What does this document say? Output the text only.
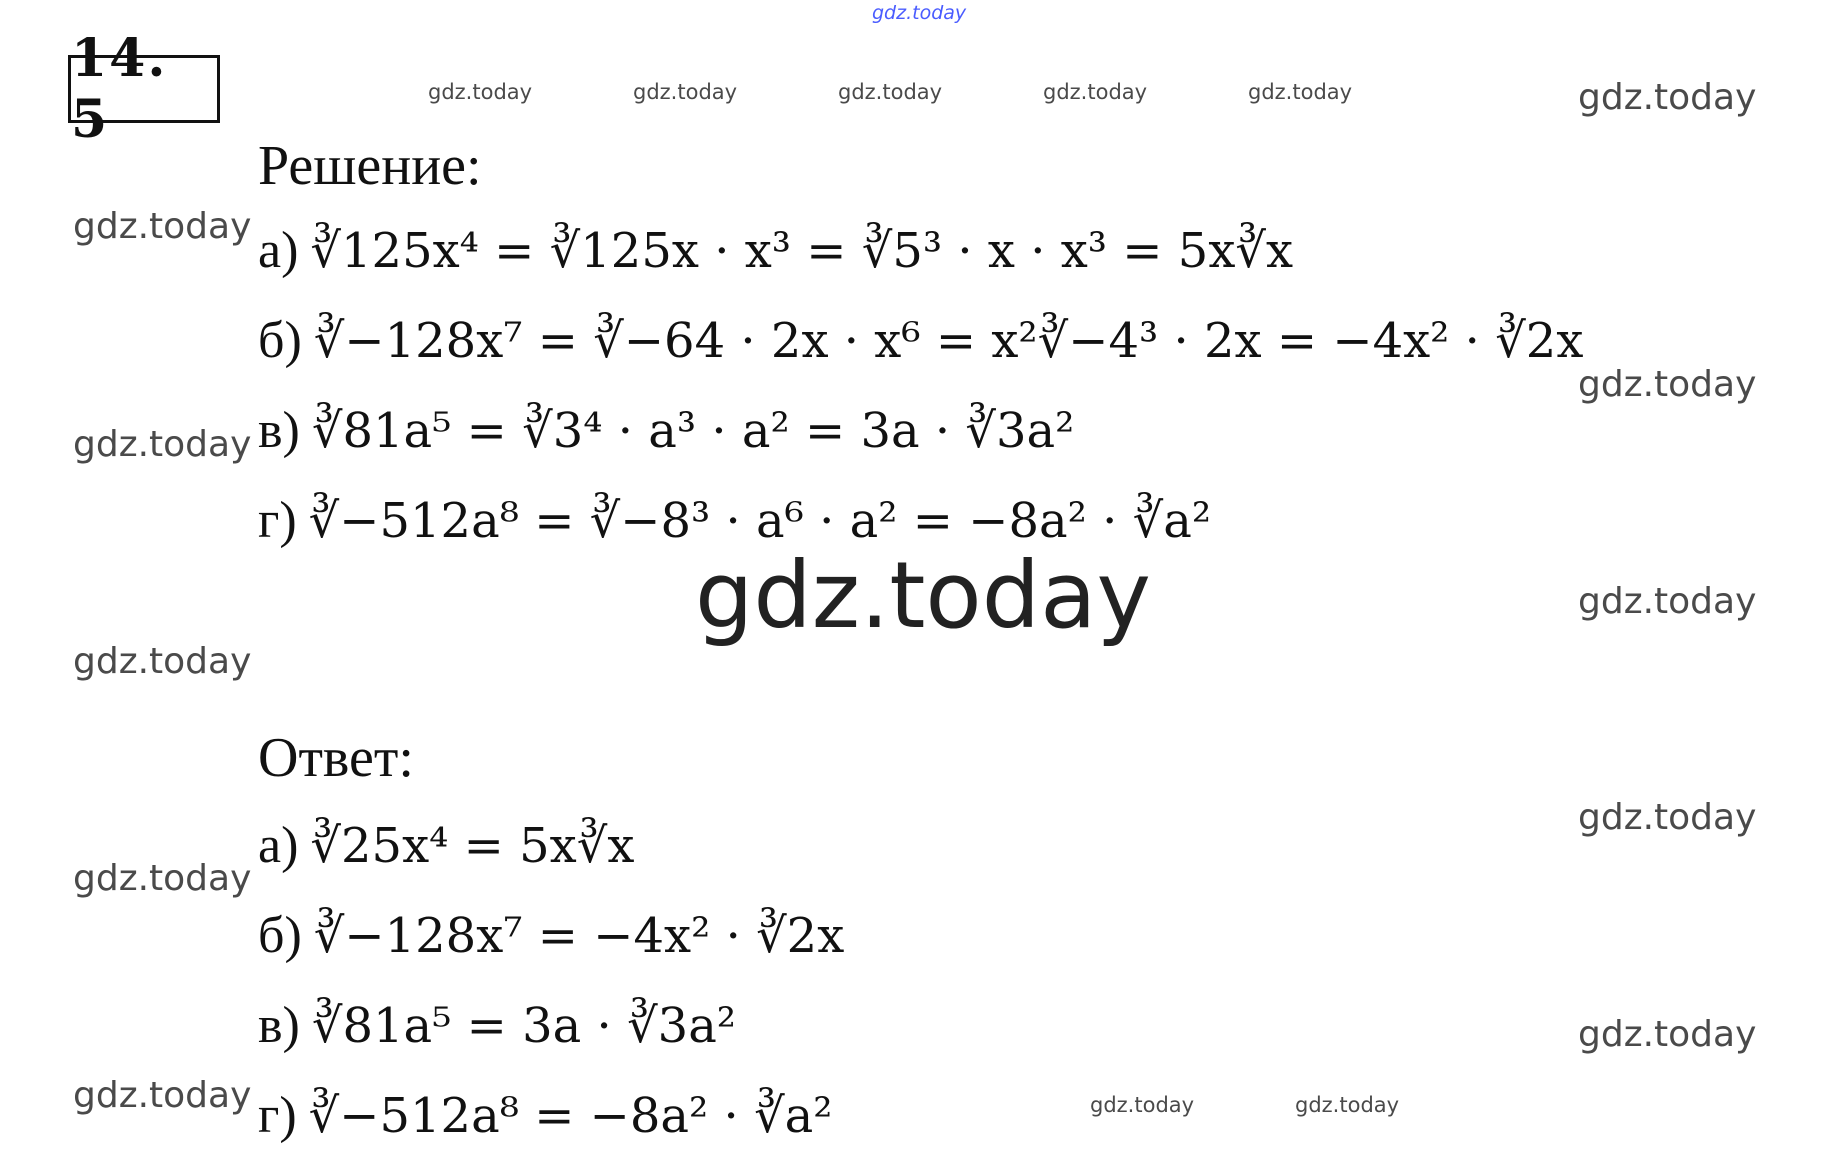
gdz.today
gdz.today	gdz.today	gdz.today	gdz.today	gdz.today	gdz.today
gdz.today
gdz.today
gdz.today
gdz.today
gdz.today
gdz.today
gdz.today
gdz.today
gdz.today	gdz.today	gdz.today
gdz.today
14. 5
Решение:
а) ∛125x⁴ = ∛125x · x³ = ∛5³ · x · x³ = 5x∛x
б) ∛−128x⁷ = ∛−64 · 2x · x⁶ = x²∛−4³ · 2x = −4x² · ∛2x
в) ∛81a⁵ = ∛3⁴ · a³ · a² = 3a · ∛3a²
г) ∛−512a⁸ = ∛−8³ · a⁶ · a² = −8a² · ∛a²
Ответ:
а) ∛25x⁴ = 5x∛x
б) ∛−128x⁷ = −4x² · ∛2x
в) ∛81a⁵ = 3a · ∛3a²
г) ∛−512a⁸ = −8a² · ∛a²
